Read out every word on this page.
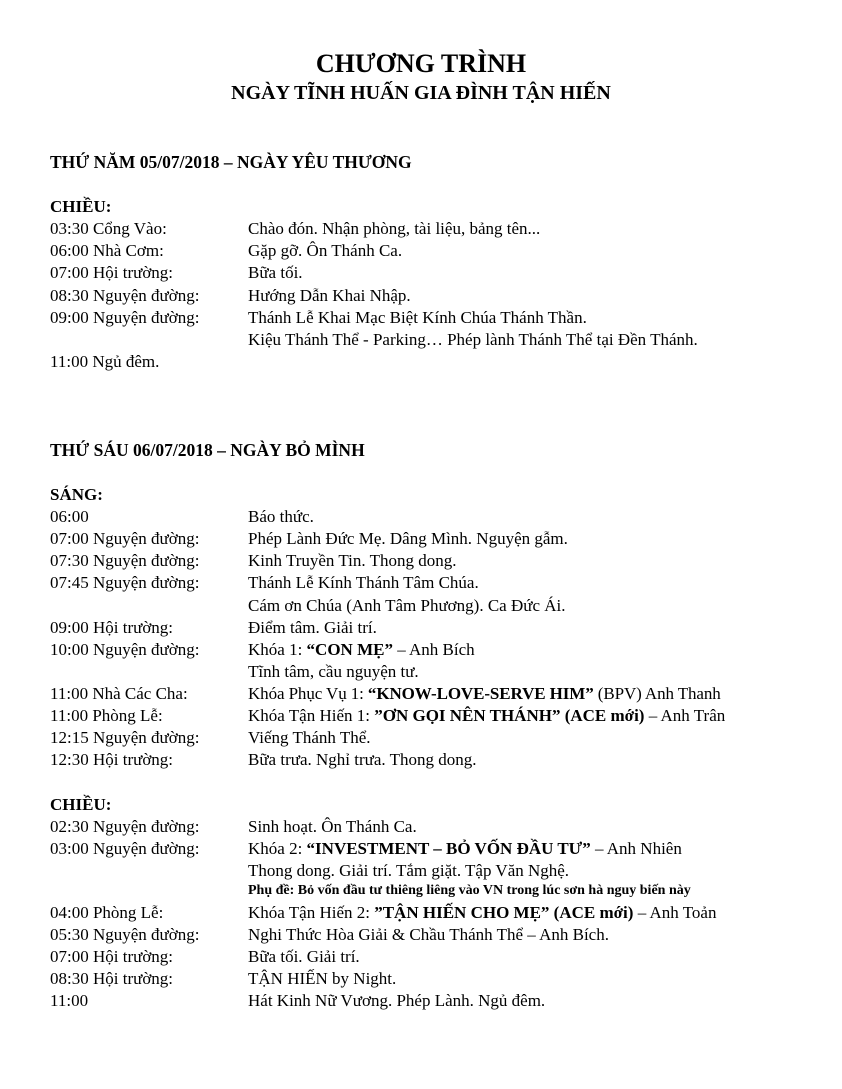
CHƯƠNG TRÌNH
NGÀY TĨNH HUẤN GIA ĐÌNH TẬN HIẾN
THỨ NĂM 05/07/2018 – NGÀY YÊU THƯƠNG
CHIỀU:
03:30 Cổng Vào:	Chào đón. Nhận phòng, tài liệu, bảng tên...
06:00 Nhà Cơm:	Gặp gỡ. Ôn Thánh Ca.
07:00 Hội trường:	Bữa tối.
08:30 Nguyện đường:	Hướng Dẫn Khai Nhập.
09:00 Nguyện đường:	Thánh Lễ Khai Mạc Biệt Kính Chúa Thánh Thần.
Kiệu Thánh Thể - Parking… Phép lành Thánh Thể tại Đền Thánh.
11:00 Ngủ đêm.
THỨ SÁU 06/07/2018 – NGÀY BỎ MÌNH
SÁNG:
06:00	Báo thức.
07:00 Nguyện đường:	Phép Lành Đức Mẹ. Dâng Mình. Nguyện gẫm.
07:30 Nguyện đường:	Kinh Truyền Tin. Thong dong.
07:45 Nguyện đường:	Thánh Lễ Kính Thánh Tâm Chúa.
Cám ơn Chúa (Anh Tâm Phương). Ca Đức Ái.
09:00 Hội trường:	Điểm tâm. Giải trí.
10:00 Nguyện đường:	Khóa 1: “CON MẸ” – Anh Bích
Tĩnh tâm, cầu nguyện tư.
11:00 Nhà Các Cha:	Khóa Phục Vụ 1: “KNOW-LOVE-SERVE HIM” (BPV) Anh Thanh
11:00 Phòng Lễ:	Khóa Tận Hiến 1: ”ƠN GỌI NÊN THÁNH” (ACE mới) – Anh Trân
12:15 Nguyện đường:	Viếng Thánh Thể.
12:30 Hội trường:	Bữa trưa. Nghỉ trưa. Thong dong.
CHIỀU:
02:30 Nguyện đường:	Sinh hoạt. Ôn Thánh Ca.
03:00 Nguyện đường:	Khóa 2: “INVESTMENT – BỎ VỐN ĐẦU TƯ” – Anh Nhiên
Thong dong. Giải trí. Tắm giặt. Tập Văn Nghệ.
Phụ đề: Bỏ vốn đầu tư thiêng liêng vào VN trong lúc sơn hà nguy biến này
04:00 Phòng Lễ:	Khóa Tận Hiến 2: ”TẬN HIẾN CHO MẸ” (ACE mới) – Anh Toản
05:30 Nguyện đường:	Nghi Thức Hòa Giải & Chầu Thánh Thể – Anh Bích.
07:00 Hội trường:	Bữa tối. Giải trí.
08:30 Hội trường:	TẬN HIẾN by Night.
11:00	Hát Kinh Nữ Vương. Phép Lành. Ngủ đêm.
